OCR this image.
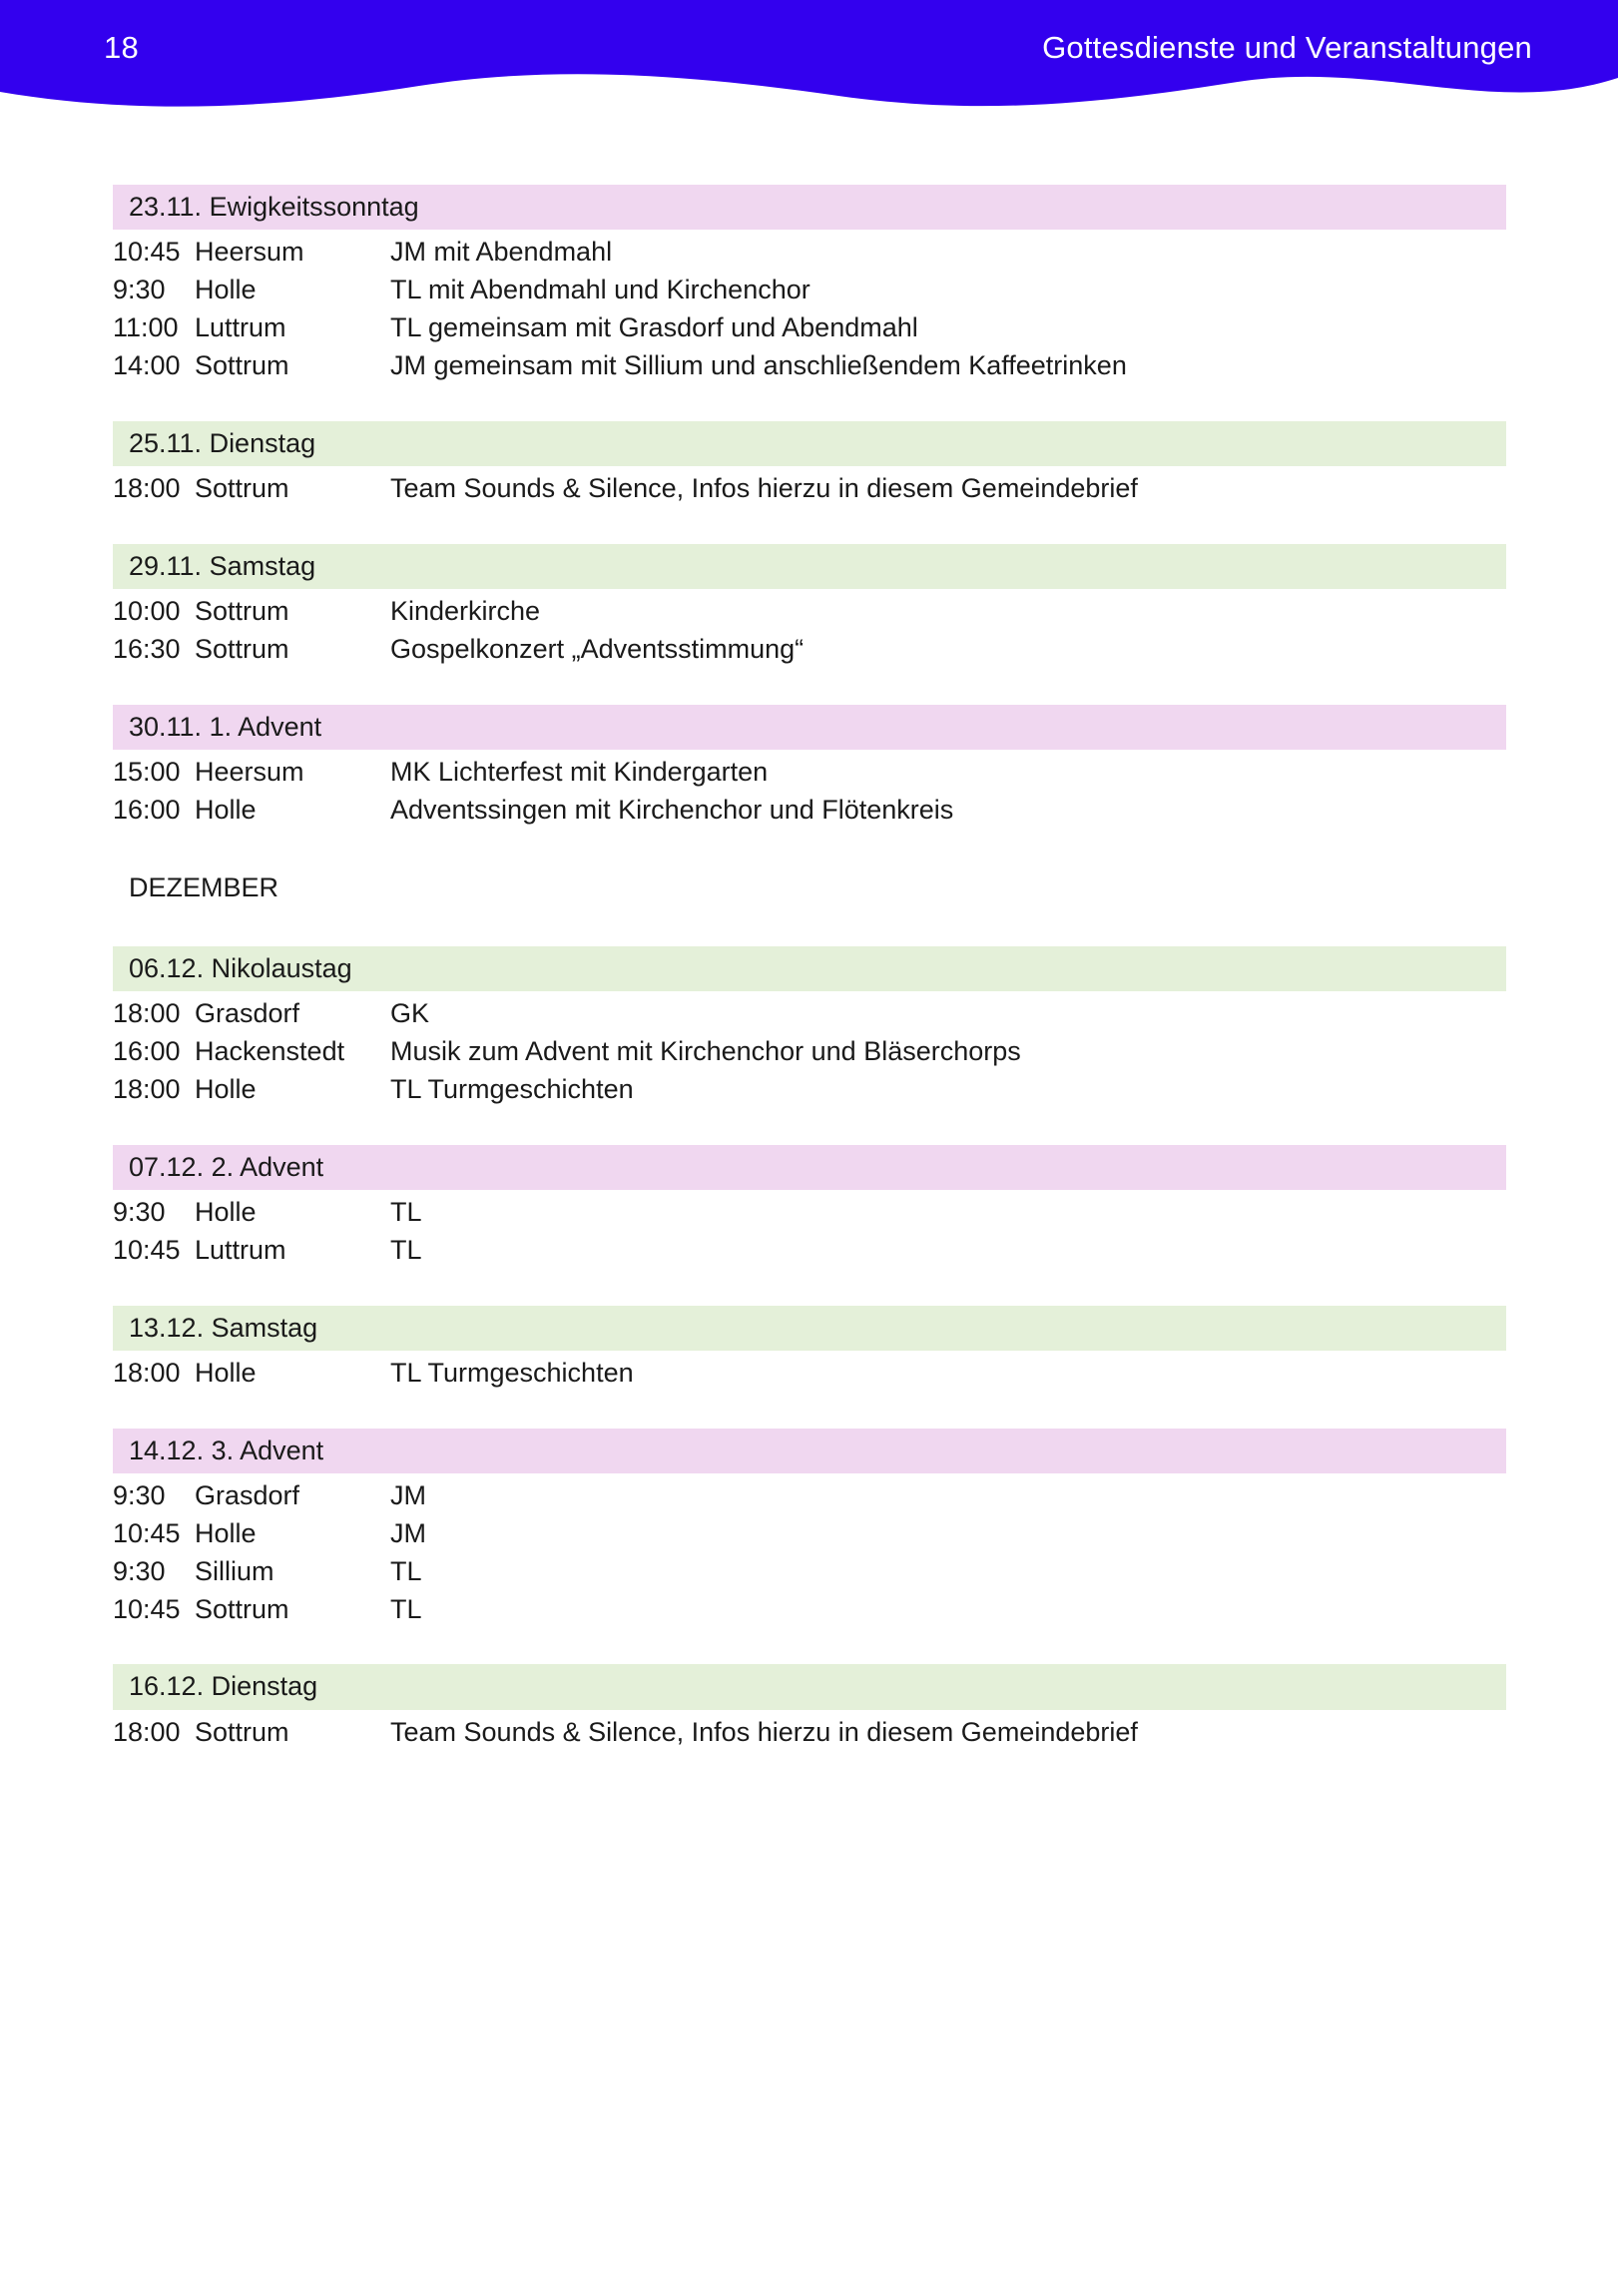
18	Gottesdienste und Veranstaltungen
23.11. Ewigkeitssonntag
10:45 Heersum	JM mit Abendmahl
9:30	Holle	TL mit Abendmahl und Kirchenchor
11:00 Luttrum	TL gemeinsam mit Grasdorf und Abendmahl
14:00 Sottrum	JM gemeinsam mit Sillium und anschließendem Kaffeetrinken
25.11. Dienstag
18:00 Sottrum	Team Sounds & Silence, Infos hierzu in diesem Gemeindebrief
29.11. Samstag
10:00 Sottrum	Kinderkirche
16:30 Sottrum	Gospelkonzert „Adventsstimmung“
30.11. 1. Advent
15:00 Heersum	MK Lichterfest mit Kindergarten
16:00 Holle	Adventssingen mit Kirchenchor und Flötenkreis
DEZEMBER
06.12. Nikolaustag
18:00 Grasdorf	GK
16:00 Hackenstedt	Musik zum Advent mit Kirchenchor und Bläserchorps
18:00 Holle	TL Turmgeschichten
07.12. 2. Advent
9:30	Holle	TL
10:45 Luttrum	TL
13.12. Samstag
18:00 Holle	TL Turmgeschichten
14.12. 3. Advent
9:30	Grasdorf	JM
10:45 Holle	JM
9:30	Sillium	TL
10:45 Sottrum	TL
16.12. Dienstag
18:00 Sottrum	Team Sounds & Silence, Infos hierzu in diesem Gemeindebrief
